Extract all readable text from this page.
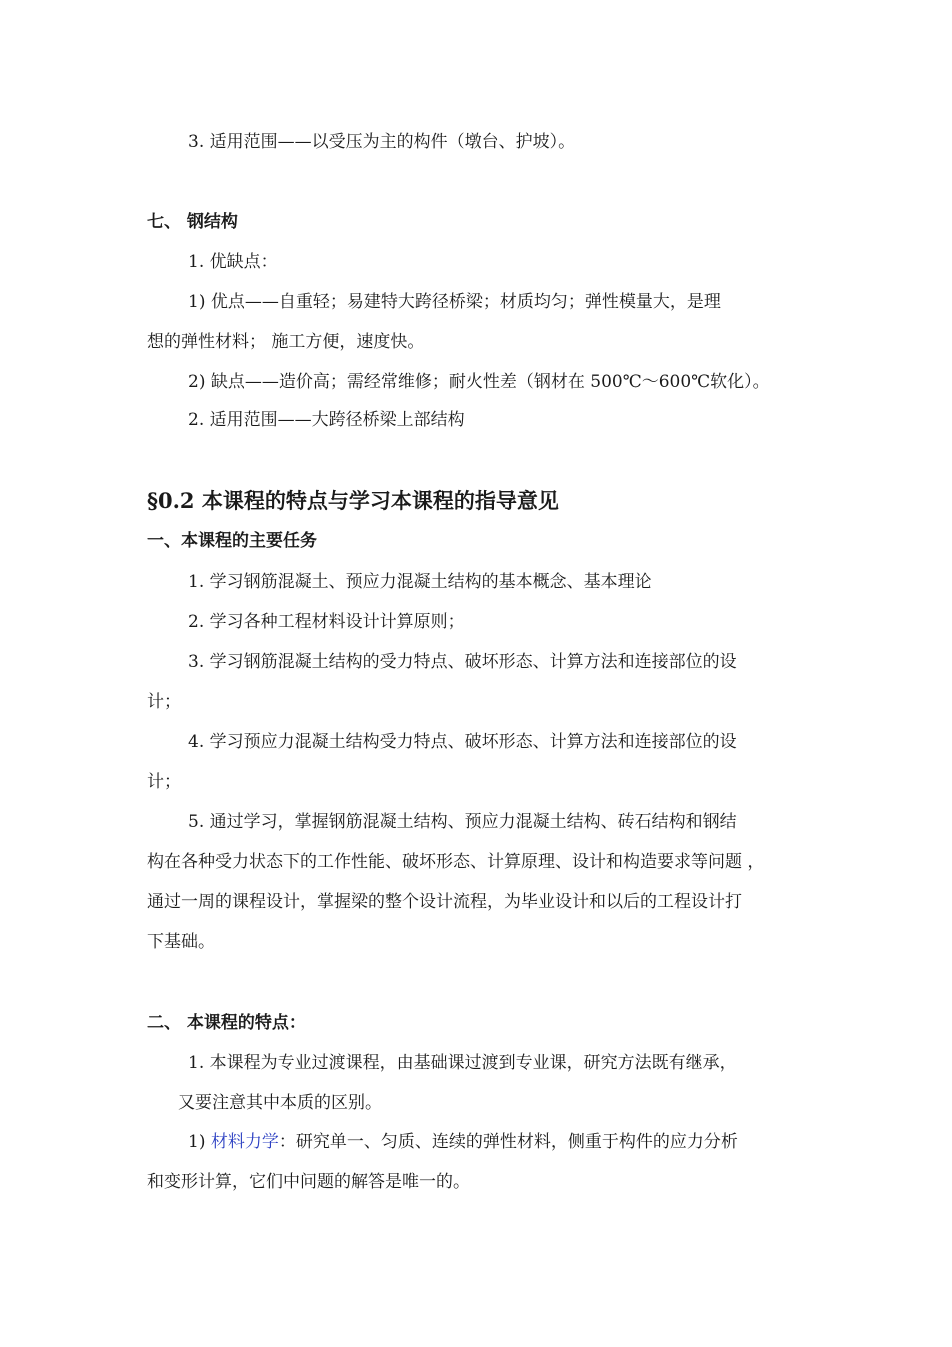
3. 适用范围——以受压为主的构件（墩台、护坡）。
七、 钢结构
1. 优缺点：
1) 优点——自重轻；易建特大跨径桥梁；材质均匀；弹性模量大，是理
想的弹性材料； 施工方便，速度快。
2) 缺点——造价高；需经常维修；耐火性差（钢材在 500℃～600℃软化）。
2. 适用范围——大跨径桥梁上部结构
§0.2 本课程的特点与学习本课程的指导意见
一、本课程的主要任务
1. 学习钢筋混凝土、预应力混凝土结构的基本概念、基本理论
2. 学习各种工程材料设计计算原则；
3. 学习钢筋混凝土结构的受力特点、破坏形态、计算方法和连接部位的设
计；
4. 学习预应力混凝土结构受力特点、破坏形态、计算方法和连接部位的设
计；
5. 通过学习，掌握钢筋混凝土结构、预应力混凝土结构、砖石结构和钢结
构在各种受力状态下的工作性能、破坏形态、计算原理、设计和构造要求等问题 ，
通过一周的课程设计，掌握梁的整个设计流程，为毕业设计和以后的工程设计打
下基础。
二、 本课程的特点：
1. 本课程为专业过渡课程，由基础课过渡到专业课，研究方法既有继承，
又要注意其中本质的区别。
1) 材料力学：研究单一、匀质、连续的弹性材料，侧重于构件的应力分析
和变形计算，它们中问题的解答是唯一的。
